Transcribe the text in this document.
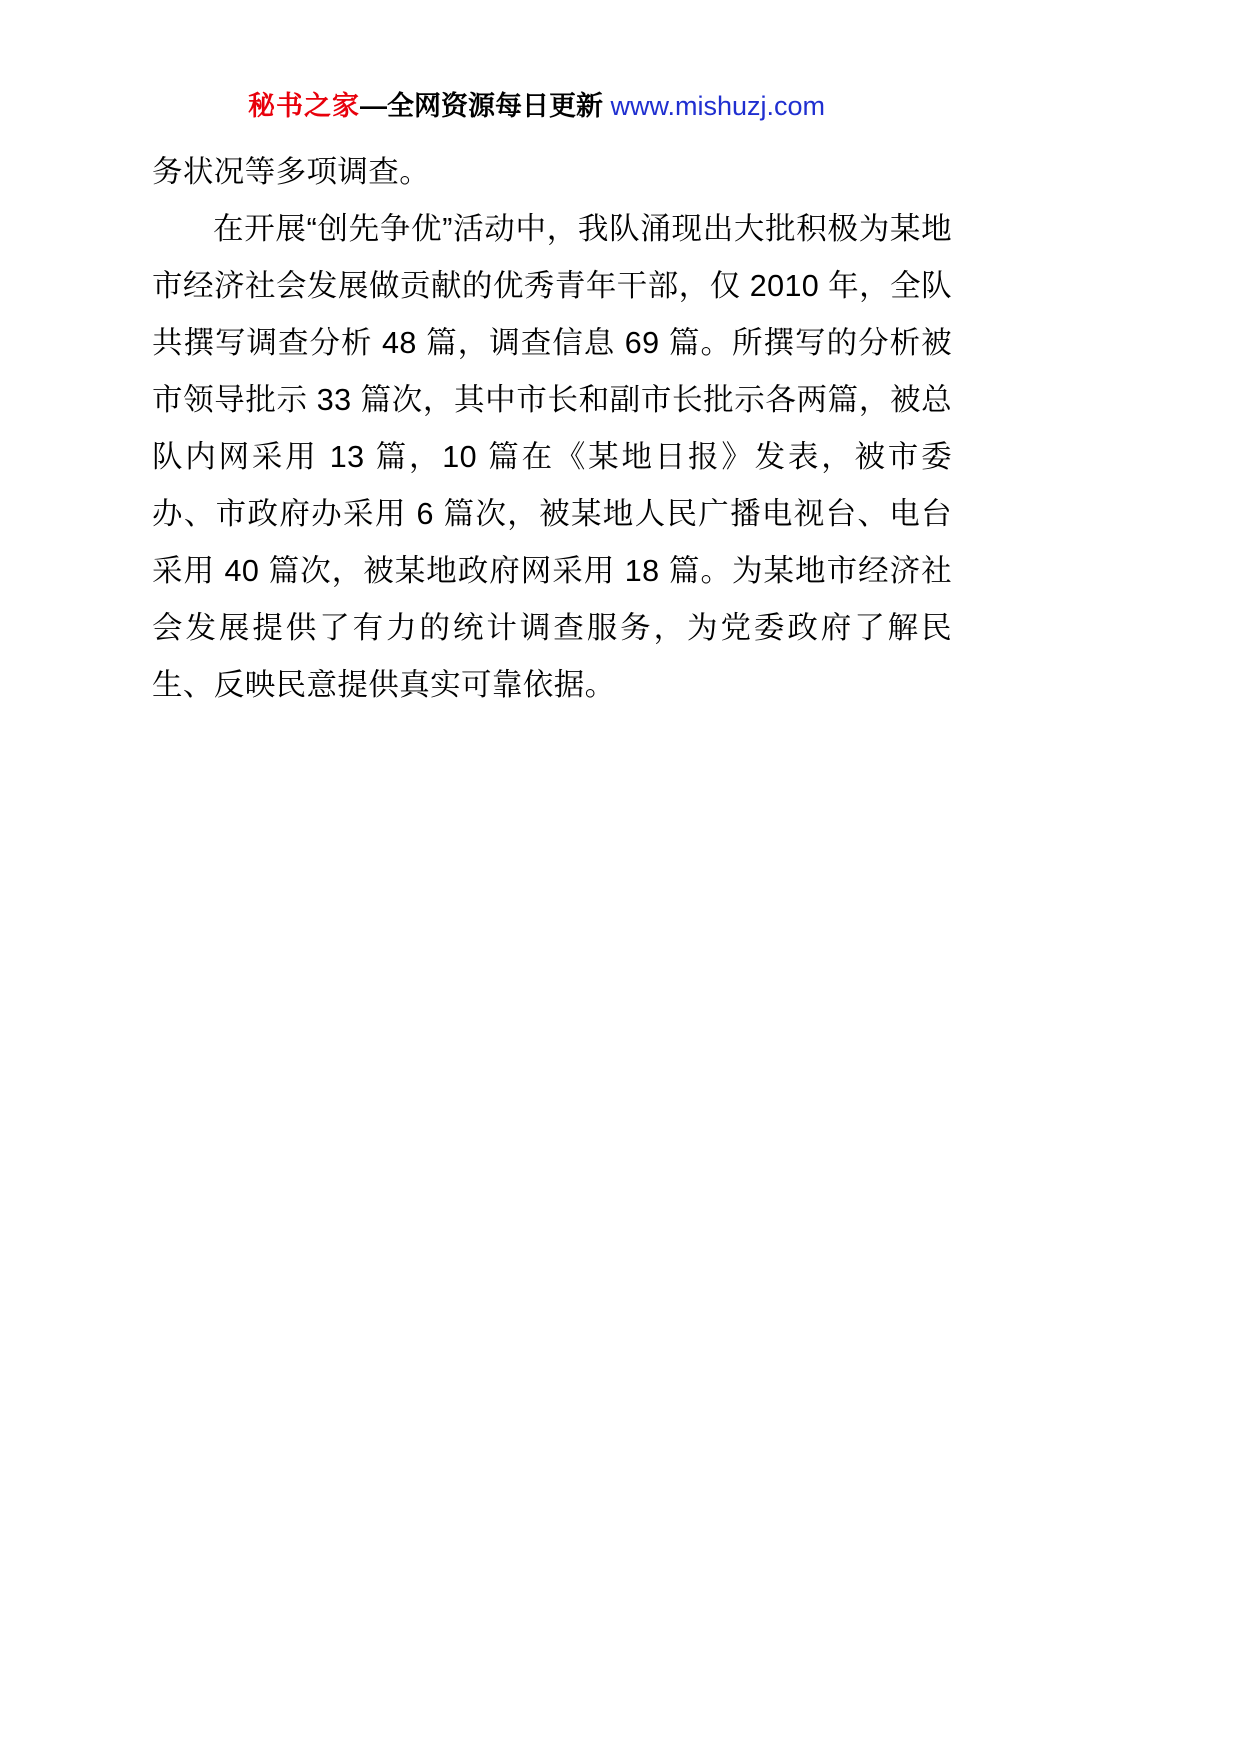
秘书之家—全网资源每日更新 www.mishuzj.com

务状况等多项调查。

在开展“创先争优”活动中，我队涌现出大批积极为某地市经济社会发展做贡献的优秀青年干部，仅 2010 年，全队共撰写调查分析 48 篇，调查信息 69 篇。所撰写的分析被市领导批示 33 篇次，其中市长和副市长批示各两篇，被总队内网采用 13 篇，10 篇在《某地日报》发表，被市委办、市政府办采用 6 篇次，被某地人民广播电视台、电台采用 40 篇次，被某地政府网采用 18 篇。为某地市经济社会发展提供了有力的统计调查服务，为党委政府了解民生、反映民意提供真实可靠依据。
